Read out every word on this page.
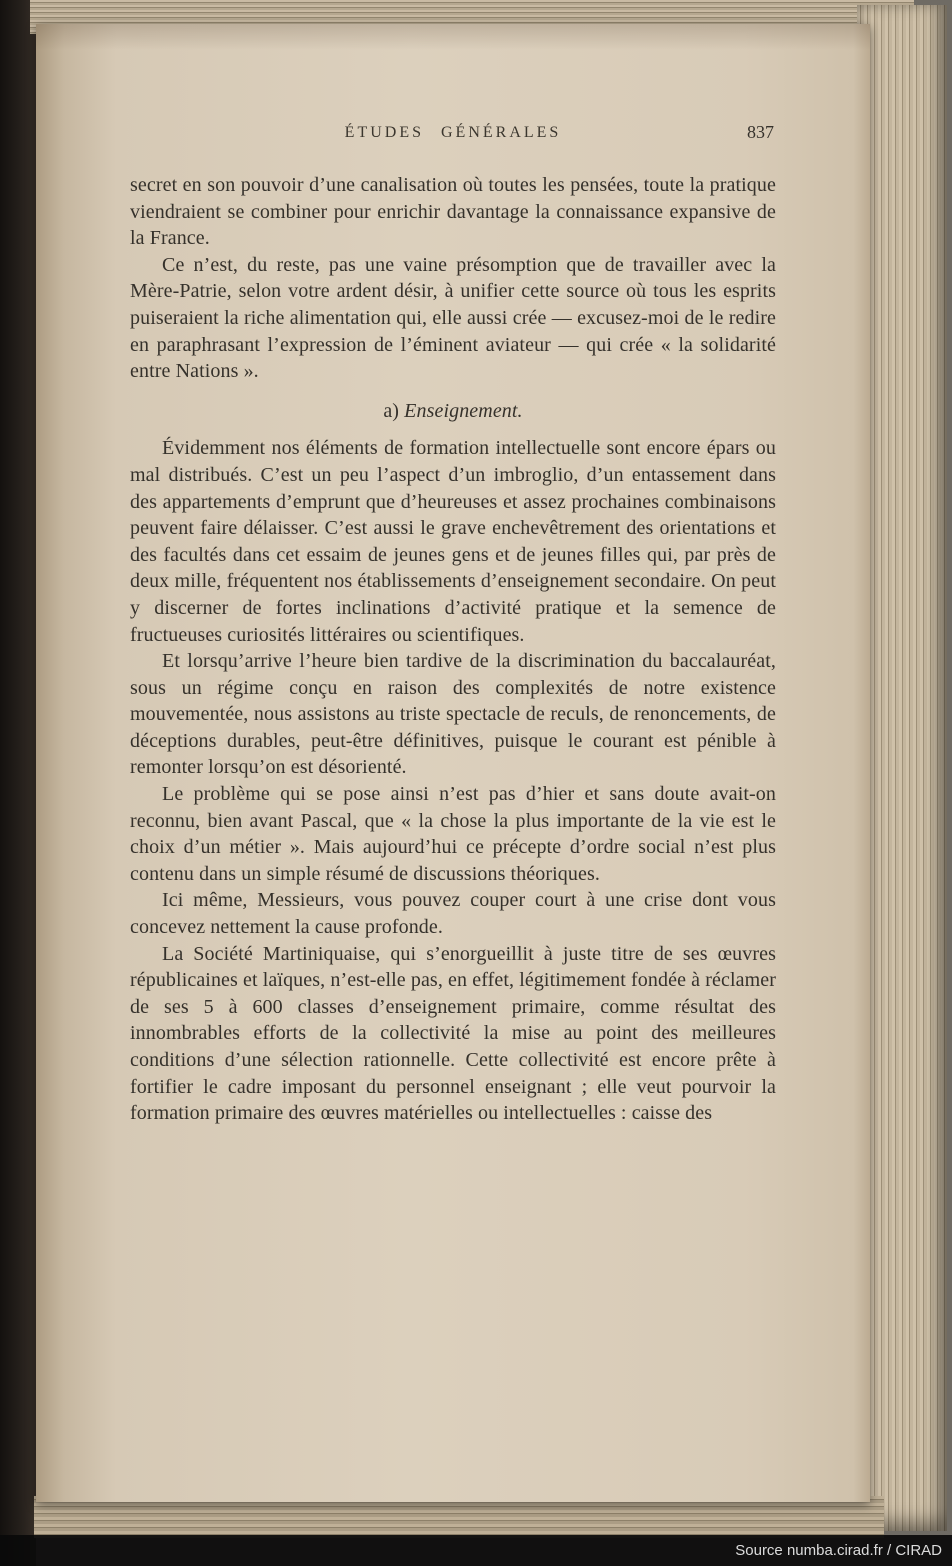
ÉTUDES GÉNÉRALES	837

secret en son pouvoir d’une canalisation où toutes les pensées, toute la pratique viendraient se combiner pour enrichir davantage la connaissance expansive de la France.

Ce n’est, du reste, pas une vaine présomption que de travailler avec la Mère-Patrie, selon votre ardent désir, à unifier cette source où tous les esprits puiseraient la riche alimentation qui, elle aussi crée — excusez-moi de le redire en paraphrasant l’expression de l’éminent aviateur — qui crée « la solidarité entre Nations ».

a) Enseignement.

Évidemment nos éléments de formation intellectuelle sont encore épars ou mal distribués. C’est un peu l’aspect d’un imbroglio, d’un entassement dans des appartements d’emprunt que d’heureuses et assez prochaines combinaisons peuvent faire délaisser. C’est aussi le grave enchevêtrement des orientations et des facultés dans cet essaim de jeunes gens et de jeunes filles qui, par près de deux mille, fréquentent nos établissements d’enseignement secondaire. On peut y discerner de fortes inclinations d’activité pratique et la semence de fructueuses curiosités littéraires ou scientifiques.

Et lorsqu’arrive l’heure bien tardive de la discrimination du baccalauréat, sous un régime conçu en raison des complexités de notre existence mouvementée, nous assistons au triste spectacle de reculs, de renoncements, de déceptions durables, peut-être définitives, puisque le courant est pénible à remonter lorsqu’on est désorienté.

Le problème qui se pose ainsi n’est pas d’hier et sans doute avait-on reconnu, bien avant Pascal, que « la chose la plus importante de la vie est le choix d’un métier ». Mais aujourd’hui ce précepte d’ordre social n’est plus contenu dans un simple résumé de discussions théoriques.

Ici même, Messieurs, vous pouvez couper court à une crise dont vous concevez nettement la cause profonde.

La Société Martiniquaise, qui s’enorgueillit à juste titre de ses œuvres républicaines et laïques, n’est-elle pas, en effet, légitimement fondée à réclamer de ses 5 à 600 classes d’enseignement primaire, comme résultat des innombrables efforts de la collectivité la mise au point des meilleures conditions d’une sélection rationnelle. Cette collectivité est encore prête à fortifier le cadre imposant du personnel enseignant ; elle veut pourvoir la formation primaire des œuvres matérielles ou intellectuelles : caisse des

Source numba.cirad.fr / CIRAD
